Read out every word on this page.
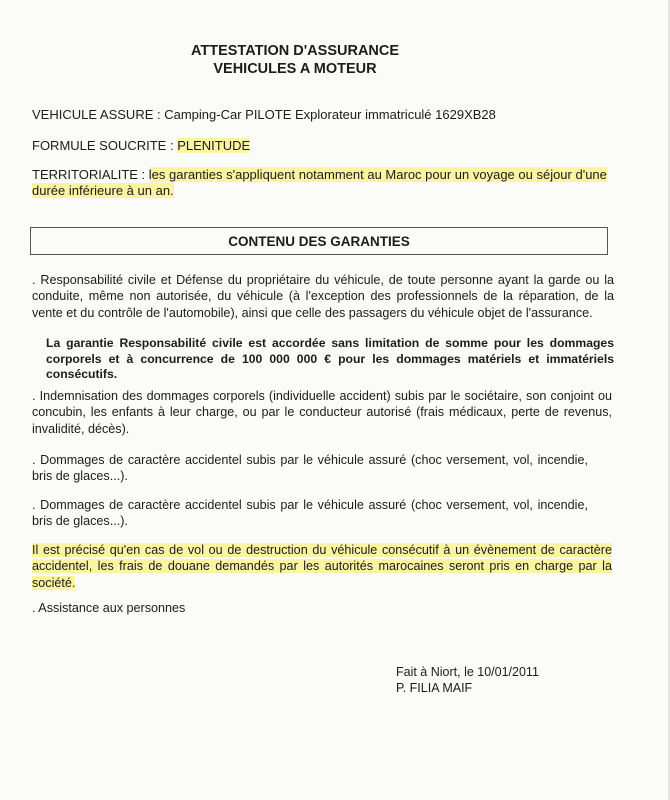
ATTESTATION D'ASSURANCE
VEHICULES A MOTEUR
VEHICULE ASSURE : Camping-Car PILOTE Explorateur immatriculé 1629XB28
FORMULE SOUCRITE : PLENITUDE
TERRITORIALITE : les garanties s'appliquent notamment au Maroc pour un voyage ou séjour d'une
durée inférieure à un an.
CONTENU DES GARANTIES
. Responsabilité civile et Défense du propriétaire du véhicule, de toute personne ayant la garde ou la conduite, même non autorisée, du véhicule (à l'exception des professionnels de la réparation, de la vente et du contrôle de l'automobile), ainsi que celle des passagers du véhicule objet de l'assurance.
La garantie Responsabilité civile est accordée sans limitation de somme pour les dommages corporels et à concurrence de 100 000 000 € pour les dommages matériels et immatériels consécutifs.
. Indemnisation des dommages corporels (individuelle accident) subis par le sociétaire, son conjoint ou concubin, les enfants à leur charge, ou par le conducteur autorisé (frais médicaux, perte de revenus, invalidité, décès).
. Dommages de caractère accidentel subis par le véhicule assuré (choc versement, vol, incendie, bris de glaces...).
. Dommages de caractère accidentel subis par le véhicule assuré (choc versement, vol, incendie, bris de glaces...).
Il est précisé qu'en cas de vol ou de destruction du véhicule consécutif à un évènement de caractère accidentel, les frais de douane demandés par les autorités marocaines seront pris en charge par la société.
. Assistance aux personnes
Fait à Niort, le 10/01/2011
P. FILIA MAIF
